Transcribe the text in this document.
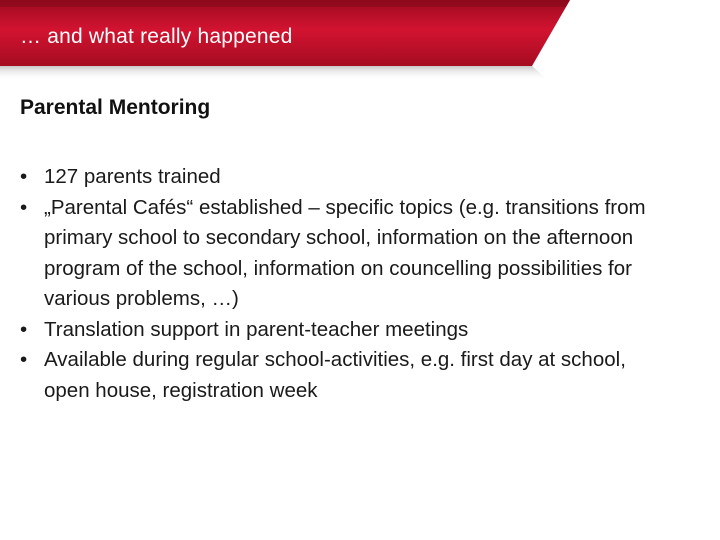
… and what really happened
Parental Mentoring
• 127 parents trained
• „Parental Cafés“ established – specific topics (e.g. transitions from primary school to secondary school, information on the afternoon program of the school, information on councelling possibilities for various problems, …)
• Translation support in parent-teacher meetings
• Available during regular school-activities, e.g. first day at school, open house, registration week
